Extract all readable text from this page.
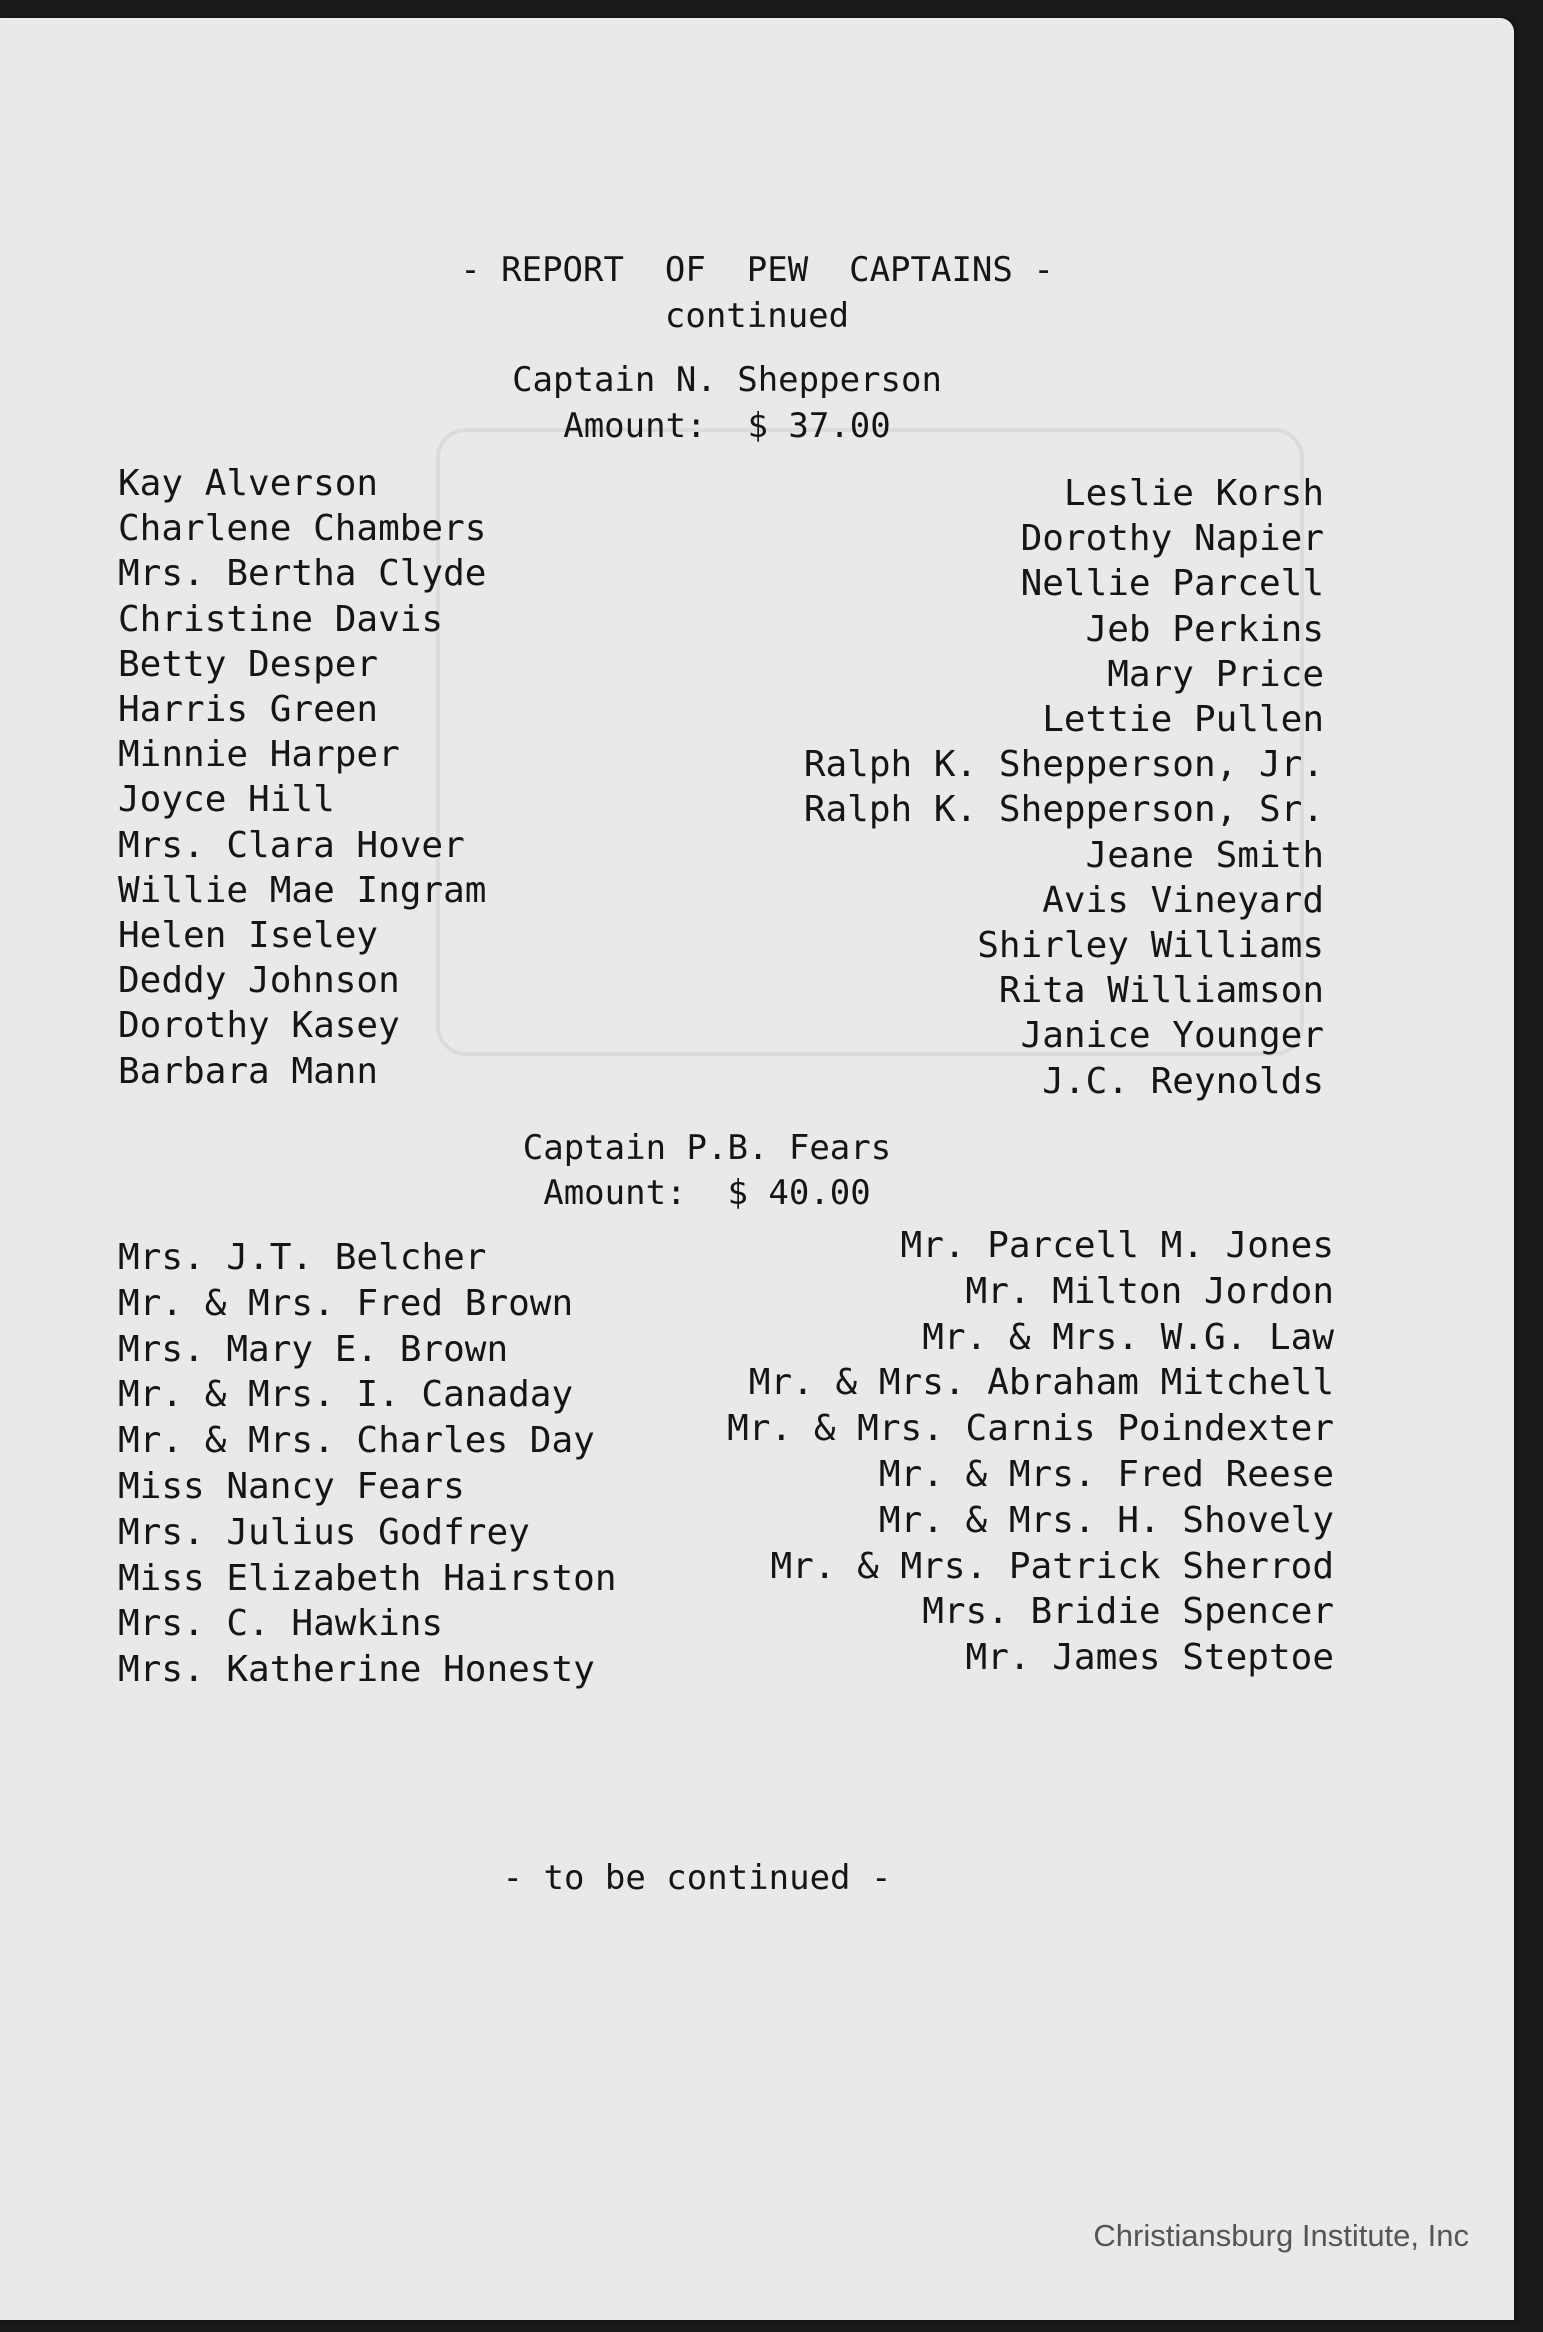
- REPORT  OF  PEW  CAPTAINS -
continued
Captain N. Shepperson
Amount:  $ 37.00
Kay Alverson
Charlene Chambers
Mrs. Bertha Clyde
Christine Davis
Betty Desper
Harris Green
Minnie Harper
Joyce Hill
Mrs. Clara Hover
Willie Mae Ingram
Helen Iseley
Deddy Johnson
Dorothy Kasey
Barbara Mann
Leslie Korsh
Dorothy Napier
Nellie Parcell
Jeb Perkins
Mary Price
Lettie Pullen
Ralph K. Shepperson, Jr.
Ralph K. Shepperson, Sr.
Jeane Smith
Avis Vineyard
Shirley Williams
Rita Williamson
Janice Younger
J.C. Reynolds
Captain P.B. Fears
Amount:  $ 40.00
Mrs. J.T. Belcher
Mr. & Mrs. Fred Brown
Mrs. Mary E. Brown
Mr. & Mrs. I. Canaday
Mr. & Mrs. Charles Day
Miss Nancy Fears
Mrs. Julius Godfrey
Miss Elizabeth Hairston
Mrs. C. Hawkins
Mrs. Katherine Honesty
Mr. Parcell M. Jones
Mr. Milton Jordon
Mr. & Mrs. W.G. Law
Mr. & Mrs. Abraham Mitchell
Mr. & Mrs. Carnis Poindexter
Mr. & Mrs. Fred Reese
Mr. & Mrs. H. Shovely
Mr. & Mrs. Patrick Sherrod
Mrs. Bridie Spencer
Mr. James Steptoe
- to be continued -
Christiansburg Institute, Inc
